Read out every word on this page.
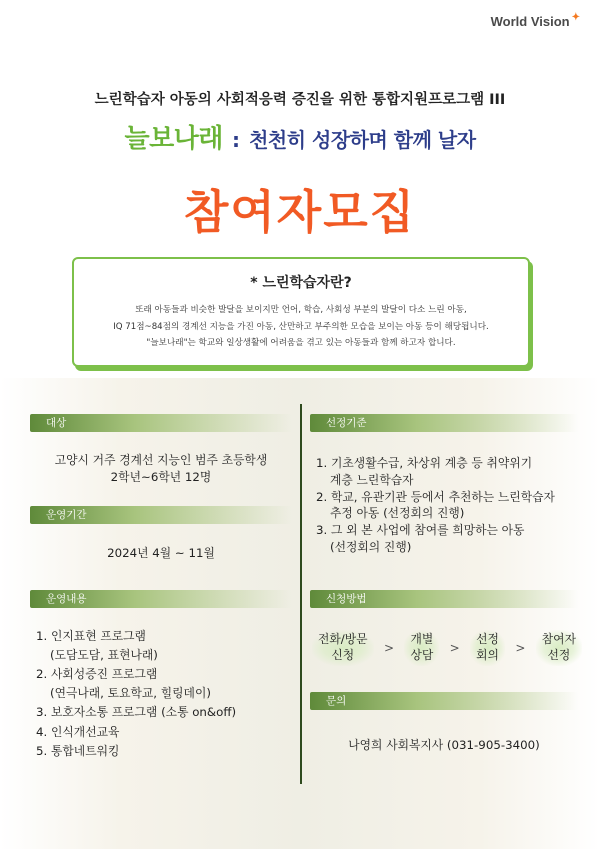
World Vision ✦
느린학습자 아동의 사회적응력 증진을 위한 통합지원프로그램 III
늘보나래 : 천천히 성장하며 함께 날자
참여자모집
* 느린학습자란?
또래 아동들과 비슷한 발달을 보이지만 언어, 학습, 사회성 부분의 발달이 다소 느린 아동,
IQ 71점~84점의 경계선 지능을 가진 아동, 산만하고 부주의한 모습을 보이는 아동 등이 해당됩니다.
"늘보나래"는 학교와 일상생활에 어려움을 겪고 있는 아동들과 함께 하고자 합니다.
대상
고양시 거주 경계선 지능인 범주 초등학생
2학년~6학년 12명
운영기간
2024년 4월 ~ 11월
운영내용
1. 인지표현 프로그램
(도담도담, 표현나래)
2. 사회성증진 프로그램
(연극나래, 토요학교, 힐링데이)
3. 보호자소통 프로그램 (소통 on&off)
4. 인식개선교육
5. 통합네트워킹
선정기준
1. 기초생활수급, 차상위 계층 등 취약위기
계층 느린학습자
2. 학교, 유관기관 등에서 추천하는 느린학습자
추정 아동 (선정회의 진행)
3. 그 외 본 사업에 참여를 희망하는 아동
(선정회의 진행)
신청방법
전화/방문
신청	>
개별
상담 >
선정
회의 >
참여자
선정
문의
나영희 사회복지사 (031-905-3400)
